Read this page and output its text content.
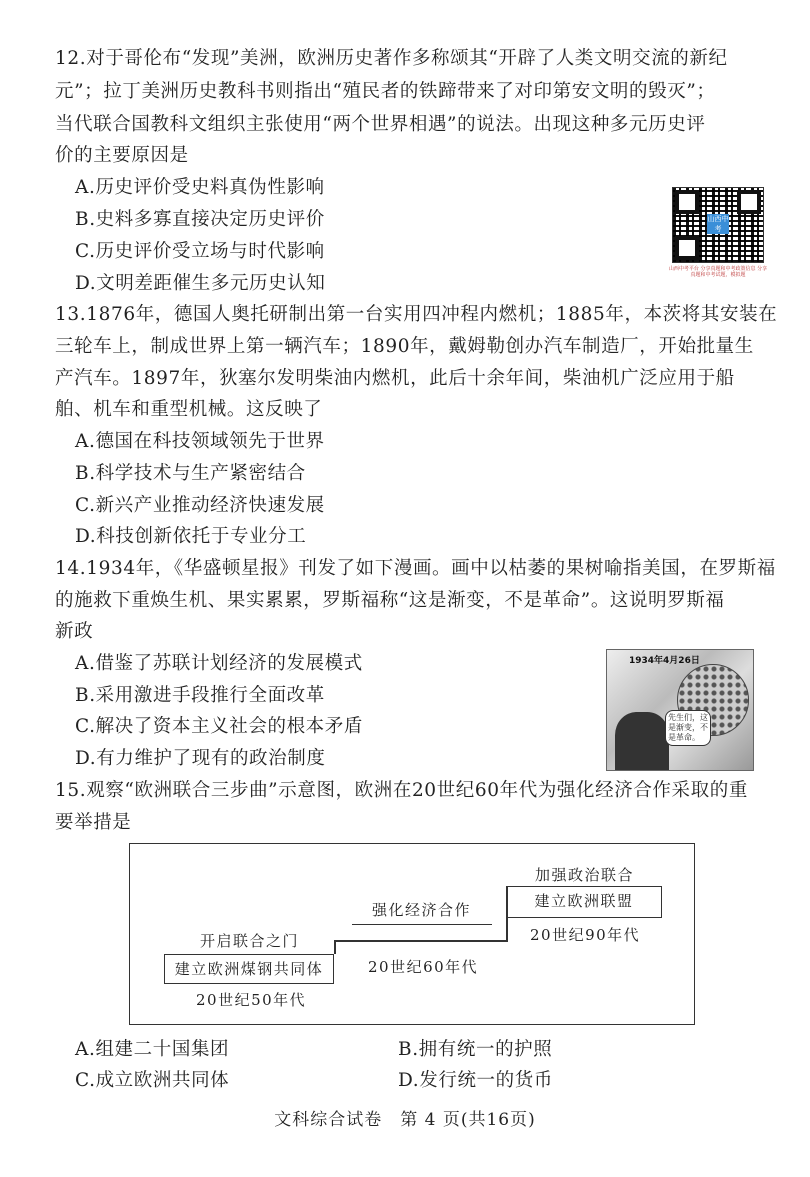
12.对于哥伦布“发现”美洲，欧洲历史著作多称颂其“开辟了人类文明交流的新纪
元”；拉丁美洲历史教科书则指出“殖民者的铁蹄带来了对印第安文明的毁灭”；
当代联合国教科文组织主张使用“两个世界相遇”的说法。出现这种多元历史评
价的主要原因是
A.历史评价受史料真伪性影响
B.史料多寡直接决定历史评价
C.历史评价受立场与时代影响
D.文明差距催生多元历史认知
山西中考
山西中考平台 分享真题和中考政策信息 分享真题和中考试题，模拟题
13.1876年，德国人奥托研制出第一台实用四冲程内燃机；1885年，本茨将其安装在
三轮车上，制成世界上第一辆汽车；1890年，戴姆勒创办汽车制造厂，开始批量生
产汽车。1897年，狄塞尔发明柴油内燃机，此后十余年间，柴油机广泛应用于船
舶、机车和重型机械。这反映了
A.德国在科技领域领先于世界
B.科学技术与生产紧密结合
C.新兴产业推动经济快速发展
D.科技创新依托于专业分工
14.1934年，《华盛顿星报》刊发了如下漫画。画中以枯萎的果树喻指美国，在罗斯福
的施救下重焕生机、果实累累，罗斯福称“这是渐变，不是革命”。这说明罗斯福
新政
A.借鉴了苏联计划经济的发展模式
B.采用激进手段推行全面改革
C.解决了资本主义社会的根本矛盾
D.有力维护了现有的政治制度
1934年4月26日
先生们，这是渐变，不是革命。
15.观察“欧洲联合三步曲”示意图，欧洲在20世纪60年代为强化经济合作采取的重
要举措是
开启联合之门
建立欧洲煤钢共同体
20世纪50年代
强化经济合作
20世纪60年代
加强政治联合
建立欧洲联盟
20世纪90年代
A.组建二十国集团	B.拥有统一的护照
C.成立欧洲共同体	D.发行统一的货币
文科综合试卷　第 4 页(共16页)
